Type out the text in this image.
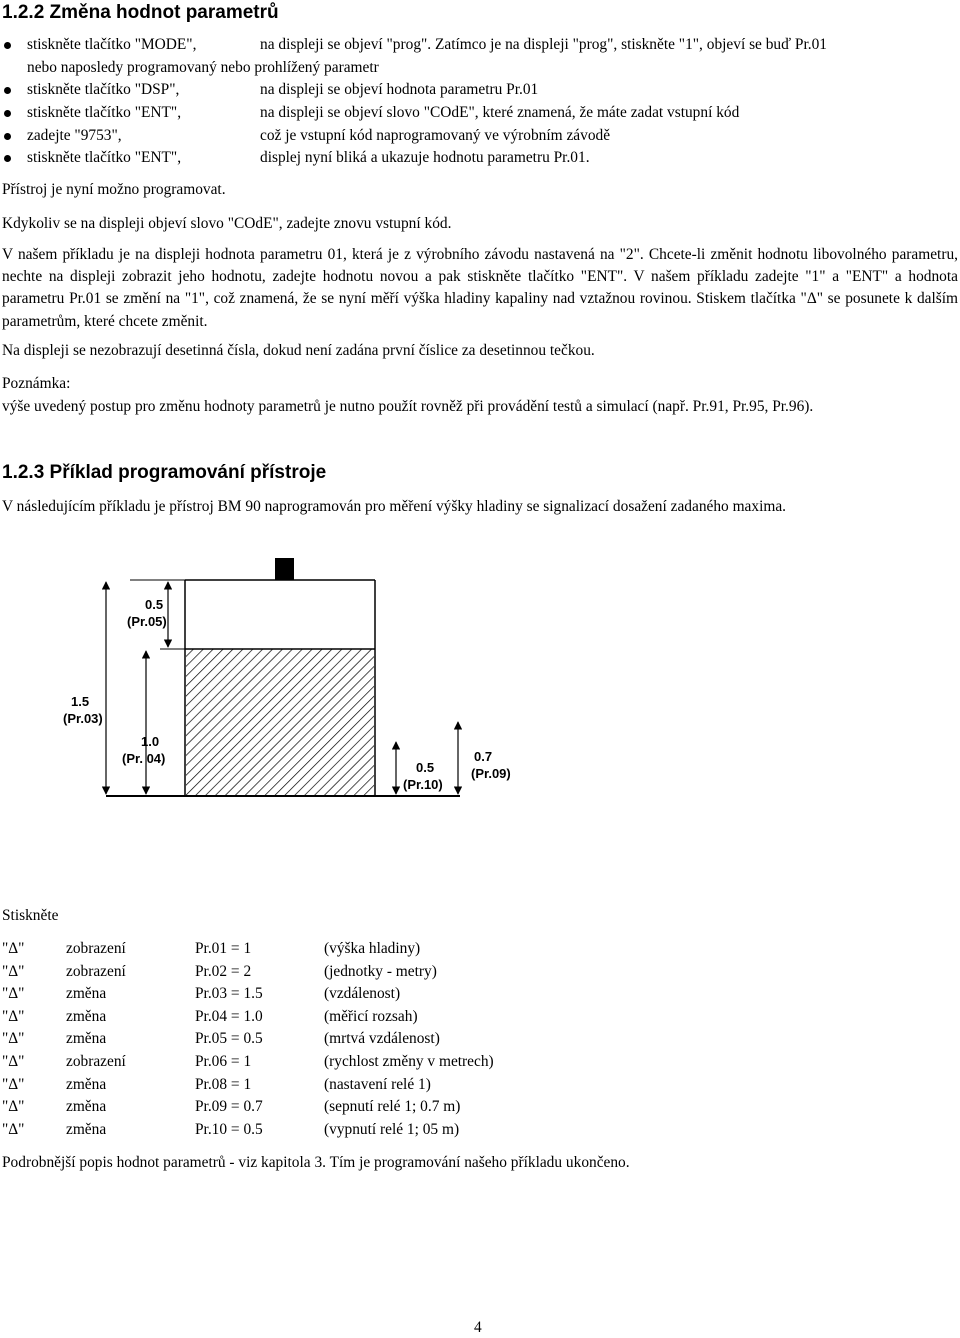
1.2.2 Změna hodnot parametrů
stiskněte tlačítko "MODE",	na displeji se objeví "prog". Zatímco je na displeji "prog", stiskněte "1", objeví se buď Pr.01
nebo naposledy programovaný nebo prohlížený parametr
stiskněte tlačítko "DSP",	na displeji se objeví hodnota parametru Pr.01
stiskněte tlačítko "ENT",	na displeji se objeví slovo "COdE", které znamená, že máte zadat vstupní kód
zadejte "9753",	což je vstupní kód naprogramovaný ve výrobním závodě
stiskněte tlačítko "ENT",	displej nyní bliká a ukazuje hodnotu parametru Pr.01.
Přístroj je nyní možno programovat.
Kdykoliv se na displeji objeví slovo "COdE", zadejte znovu vstupní kód.
V našem příkladu je na displeji hodnota parametru 01, která je z výrobního závodu nastavená na "2". Chcete-li změnit hodnotu libovolného parametru, nechte na displeji zobrazit jeho hodnotu, zadejte hodnotu novou a pak stiskněte tlačítko "ENT". V našem příkladu zadejte "1" a "ENT" a hodnota parametru Pr.01 se změní na "1", což znamená, že se nyní měří výška hladiny kapaliny nad vztažnou rovinou. Stiskem tlačítka "Δ" se posunete k dalším parametrům, které chcete změnit.
Na displeji se nezobrazují desetinná čísla, dokud není zadána první číslice za desetinnou tečkou.
Poznámka:
výše uvedený postup pro změnu hodnoty parametrů je nutno použít rovněž při provádění testů a simulací (např. Pr.91, Pr.95, Pr.96).
1.2.3 Příklad programování přístroje
V následujícím příkladu je přístroj BM 90 naprogramován pro měření výšky hladiny se signalizací dosažení zadaného maxima.
0.5
(Pr.05)
1.5
(Pr.03)
1.0
(Pr. 04)
0.5
(Pr.10)
0.7
(Pr.09)
Stiskněte
"Δ"	zobrazení	Pr.01 = 1	(výška hladiny)
"Δ"	zobrazení	Pr.02 = 2	(jednotky - metry)
"Δ"	změna	Pr.03 = 1.5	(vzdálenost)
"Δ"	změna	Pr.04 = 1.0	(měřicí rozsah)
"Δ"	změna	Pr.05 = 0.5	(mrtvá vzdálenost)
"Δ"	zobrazení	Pr.06 = 1	(rychlost změny v metrech)
"Δ"	změna	Pr.08 = 1	(nastavení relé 1)
"Δ"	změna	Pr.09 = 0.7	(sepnutí relé 1; 0.7 m)
"Δ"	změna	Pr.10 = 0.5	(vypnutí relé 1; 05 m)
Podrobnější popis hodnot parametrů - viz kapitola 3. Tím je programování našeho příkladu ukončeno.
4
